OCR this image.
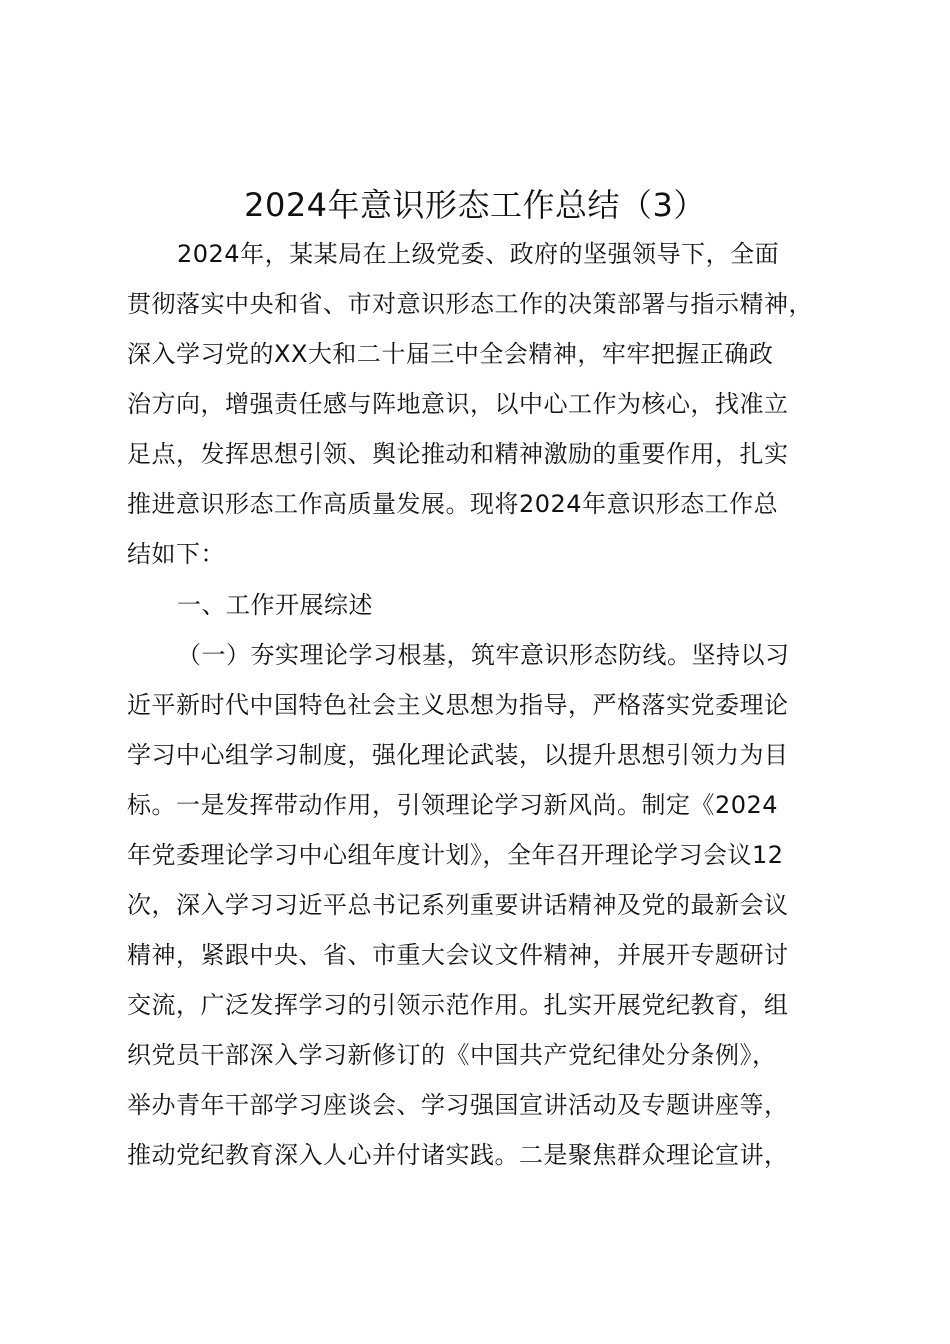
2024年意识形态工作总结（3）
2024年，某某局在上级党委、政府的坚强领导下，全面
贯彻落实中央和省、市对意识形态工作的决策部署与指示精神，
深入学习党的XX大和二十届三中全会精神，牢牢把握正确政
治方向，增强责任感与阵地意识，以中心工作为核心，找准立
足点，发挥思想引领、舆论推动和精神激励的重要作用，扎实
推进意识形态工作高质量发展。现将2024年意识形态工作总
结如下：
一、工作开展综述
（一）夯实理论学习根基，筑牢意识形态防线。坚持以习
近平新时代中国特色社会主义思想为指导，严格落实党委理论
学习中心组学习制度，强化理论武装，以提升思想引领力为目
标。一是发挥带动作用，引领理论学习新风尚。制定《2024
年党委理论学习中心组年度计划》，全年召开理论学习会议12
次，深入学习习近平总书记系列重要讲话精神及党的最新会议
精神，紧跟中央、省、市重大会议文件精神，并展开专题研讨
交流，广泛发挥学习的引领示范作用。扎实开展党纪教育，组
织党员干部深入学习新修订的《中国共产党纪律处分条例》，
举办青年干部学习座谈会、学习强国宣讲活动及专题讲座等，
推动党纪教育深入人心并付诸实践。二是聚焦群众理论宣讲，
